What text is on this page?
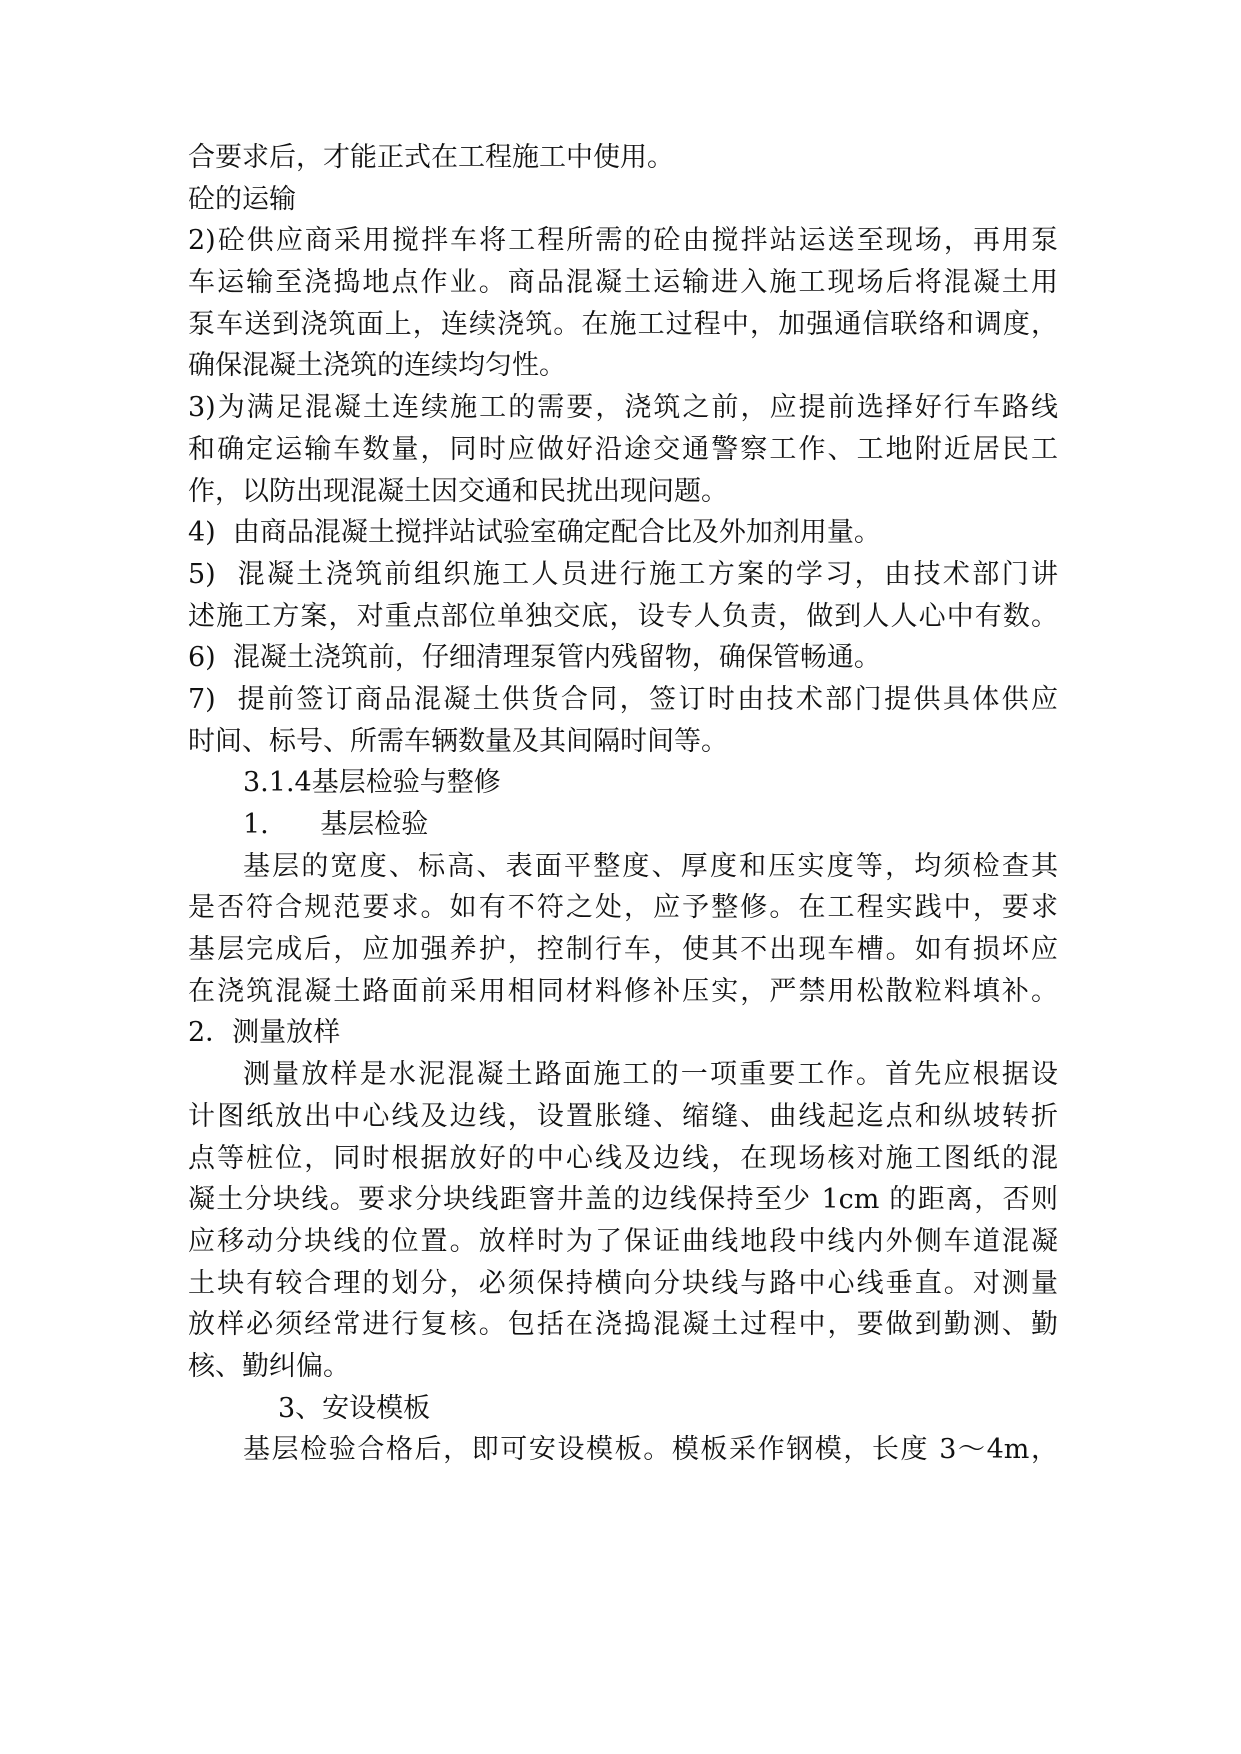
合要求后，才能正式在工程施工中使用。
砼的运输
2)砼供应商采用搅拌车将工程所需的砼由搅拌站运送至现场，再用泵
车运输至浇捣地点作业。商品混凝土运输进入施工现场后将混凝土用
泵车送到浇筑面上，连续浇筑。在施工过程中，加强通信联络和调度，
确保混凝土浇筑的连续均匀性。
3)为满足混凝土连续施工的需要，浇筑之前，应提前选择好行车路线
和确定运输车数量，同时应做好沿途交通警察工作、工地附近居民工
作，以防出现混凝土因交通和民扰出现问题。
4)  由商品混凝土搅拌站试验室确定配合比及外加剂用量。
5)  混凝土浇筑前组织施工人员进行施工方案的学习，由技术部门讲
述施工方案，对重点部位单独交底，设专人负责，做到人人心中有数。
6)  混凝土浇筑前，仔细清理泵管内残留物，确保管畅通。
7)  提前签订商品混凝土供货合同，签订时由技术部门提供具体供应
时间、标号、所需车辆数量及其间隔时间等。
3.1.4基层检验与整修
1.      基层检验
基层的宽度、标高、表面平整度、厚度和压实度等，均须检查其
是否符合规范要求。如有不符之处，应予整修。在工程实践中，要求
基层完成后，应加强养护，控制行车，使其不出现车槽。如有损坏应
在浇筑混凝土路面前采用相同材料修补压实，严禁用松散粒料填补。
2．测量放样
测量放样是水泥混凝土路面施工的一项重要工作。首先应根据设
计图纸放出中心线及边线，设置胀缝、缩缝、曲线起迄点和纵坡转折
点等桩位，同时根据放好的中心线及边线，在现场核对施工图纸的混
凝土分块线。要求分块线距窨井盖的边线保持至少 1cm 的距离，否则
应移动分块线的位置。放样时为了保证曲线地段中线内外侧车道混凝
土块有较合理的划分，必须保持横向分块线与路中心线垂直。对测量
放样必须经常进行复核。包括在浇捣混凝土过程中，要做到勤测、勤
核、勤纠偏。
3、安设模板
基层检验合格后，即可安设模板。模板采作钢模，长度 3～4m，
